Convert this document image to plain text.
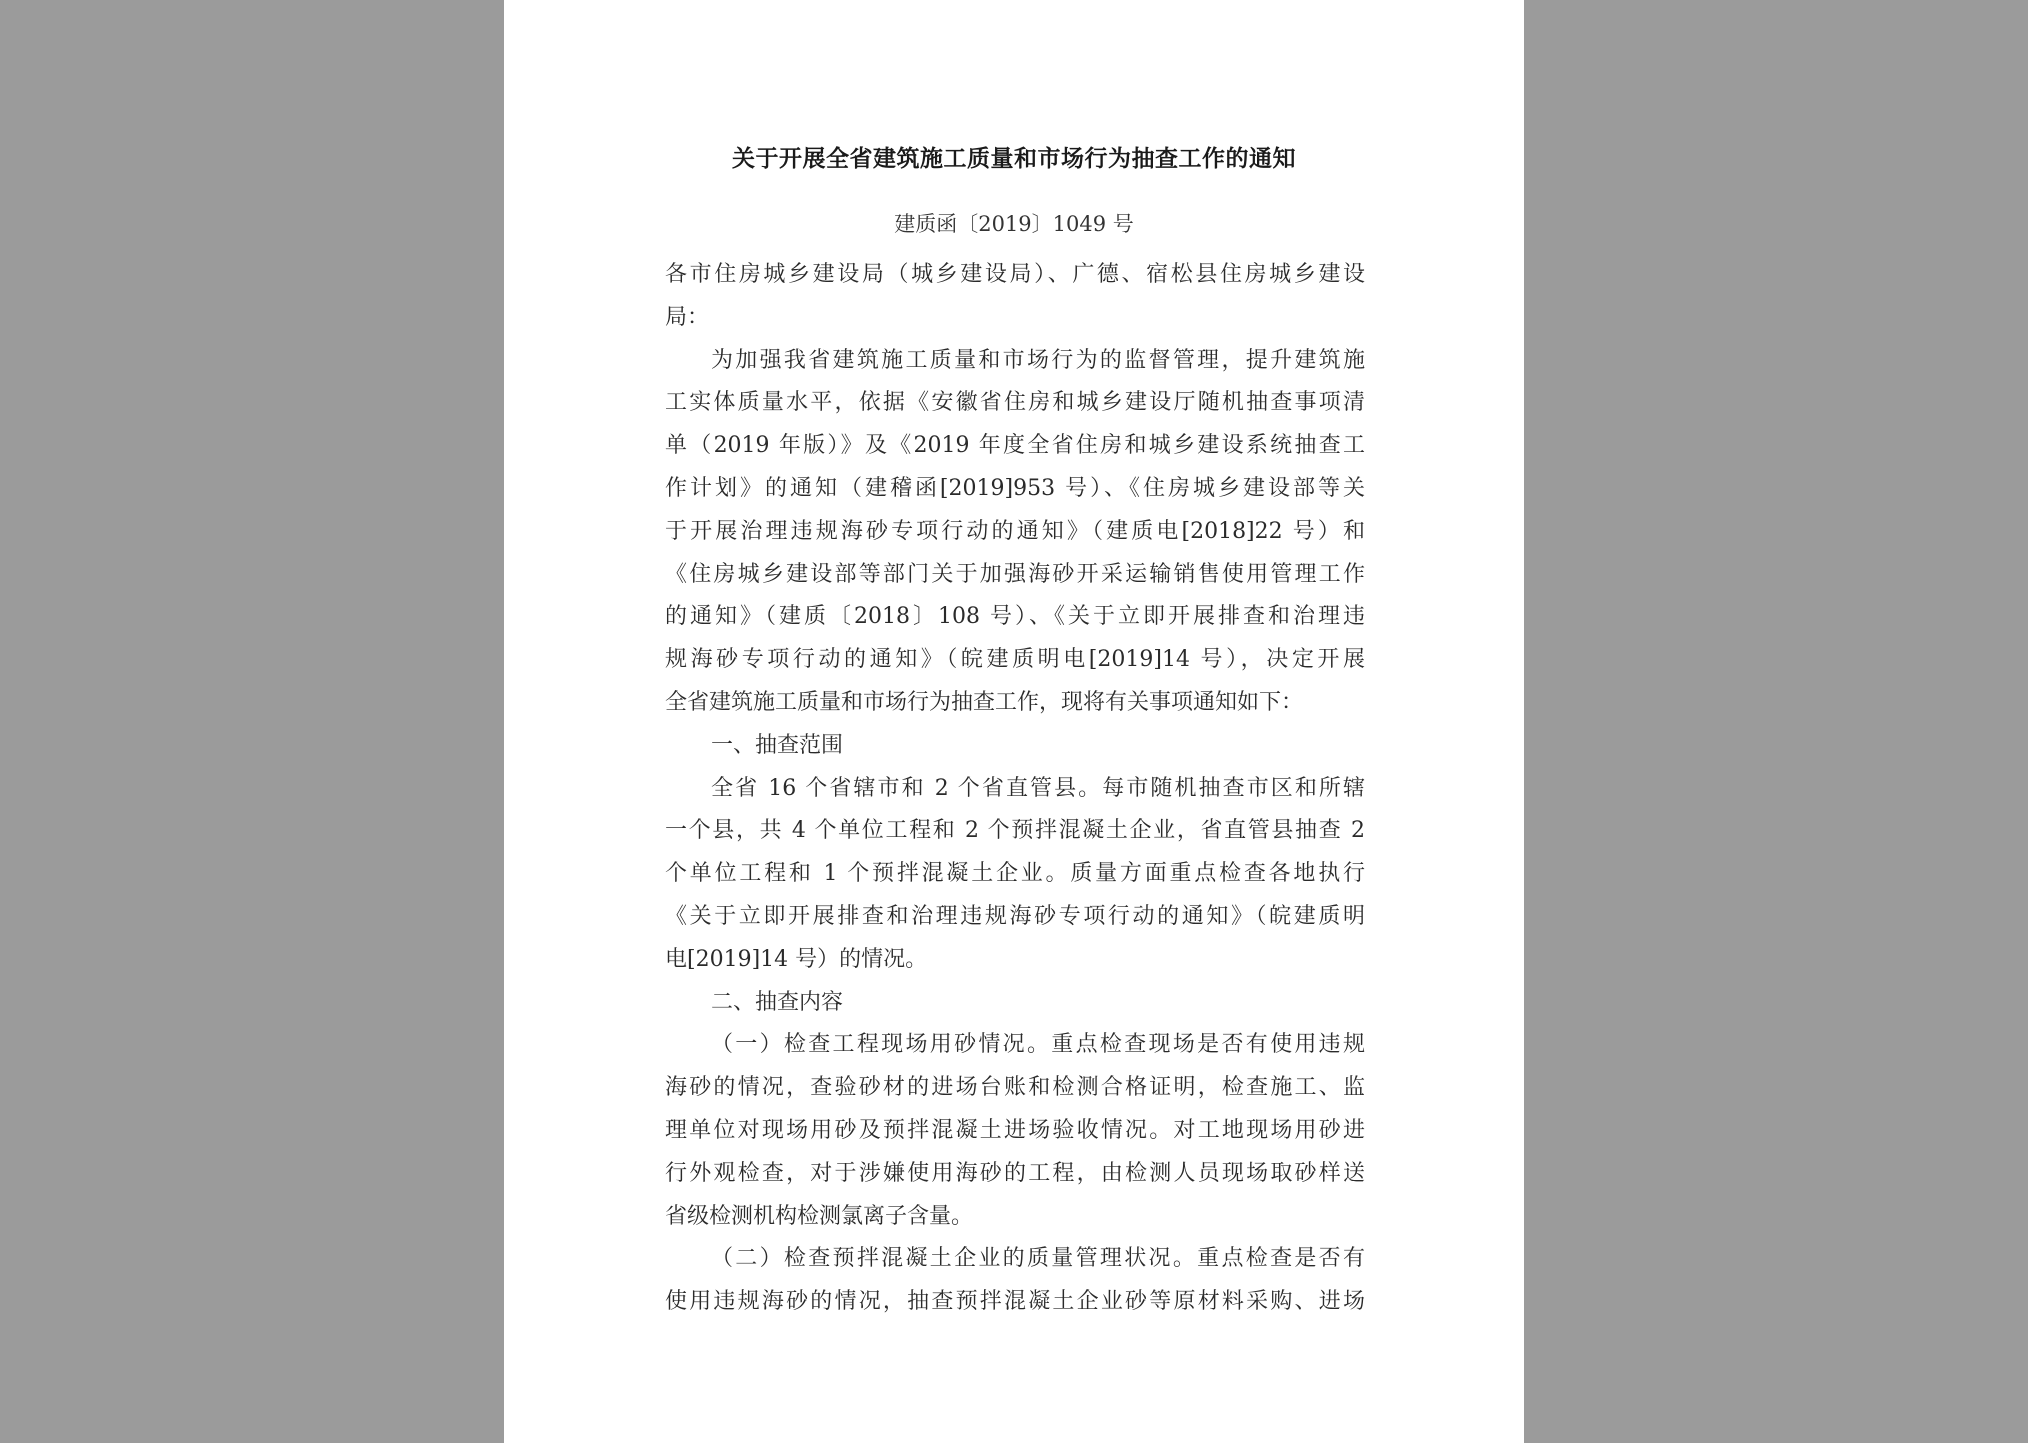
关于开展全省建筑施工质量和市场行为抽查工作的通知
建质函〔2019〕1049 号
各市住房城乡建设局（城乡建设局）、广德、宿松县住房城乡建设
局：
为加强我省建筑施工质量和市场行为的监督管理，提升建筑施
工实体质量水平，依据《安徽省住房和城乡建设厅随机抽查事项清
单（2019 年版）》及《2019 年度全省住房和城乡建设系统抽查工
作计划》的通知（建稽函[2019]953 号）、《住房城乡建设部等关
于开展治理违规海砂专项行动的通知》（建质电[2018]22 号）和
《住房城乡建设部等部门关于加强海砂开采运输销售使用管理工作
的通知》（建质〔2018〕108 号）、《关于立即开展排查和治理违
规海砂专项行动的通知》（皖建质明电[2019]14 号），决定开展
全省建筑施工质量和市场行为抽查工作，现将有关事项通知如下：
一、抽查范围
全省 16 个省辖市和 2 个省直管县。每市随机抽查市区和所辖
一个县，共 4 个单位工程和 2 个预拌混凝土企业，省直管县抽查 2
个单位工程和 1 个预拌混凝土企业。质量方面重点检查各地执行
《关于立即开展排查和治理违规海砂专项行动的通知》（皖建质明
电[2019]14 号）的情况。
二、抽查内容
（一）检查工程现场用砂情况。重点检查现场是否有使用违规
海砂的情况，查验砂材的进场台账和检测合格证明，检查施工、监
理单位对现场用砂及预拌混凝土进场验收情况。对工地现场用砂进
行外观检查，对于涉嫌使用海砂的工程，由检测人员现场取砂样送
省级检测机构检测氯离子含量。
（二）检查预拌混凝土企业的质量管理状况。重点检查是否有
使用违规海砂的情况，抽查预拌混凝土企业砂等原材料采购、进场
